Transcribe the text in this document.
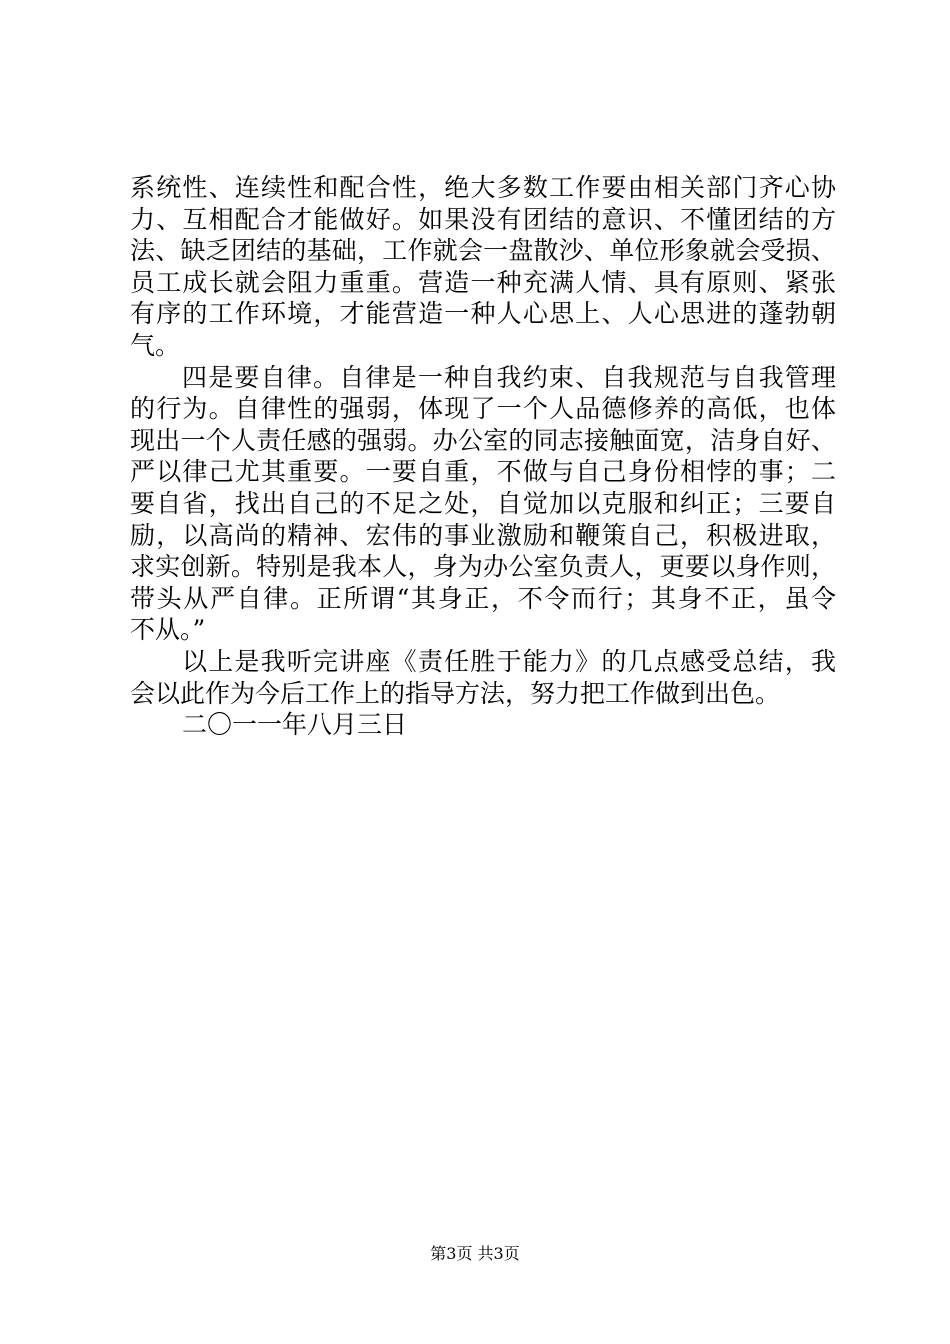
系统性、连续性和配合性，绝大多数工作要由相关部门齐心协
力、互相配合才能做好。如果没有团结的意识、不懂团结的方
法、缺乏团结的基础，工作就会一盘散沙、单位形象就会受损、
员工成长就会阻力重重。营造一种充满人情、具有原则、紧张
有序的工作环境，才能营造一种人心思上、人心思进的蓬勃朝
气。
四是要自律。自律是一种自我约束、自我规范与自我管理
的行为。自律性的强弱，体现了一个人品德修养的高低，也体
现出一个人责任感的强弱。办公室的同志接触面宽，洁身自好、
严以律己尤其重要。一要自重，不做与自己身份相悖的事；二
要自省，找出自己的不足之处，自觉加以克服和纠正；三要自
励，以高尚的精神、宏伟的事业激励和鞭策自己，积极进取，
求实创新。特别是我本人，身为办公室负责人，更要以身作则，
带头从严自律。正所谓“其身正，不令而行；其身不正，虽令
不从。”
以上是我听完讲座《责任胜于能力》的几点感受总结，我
会以此作为今后工作上的指导方法，努力把工作做到出色。
二〇一一年八月三日
第3页 共3页
